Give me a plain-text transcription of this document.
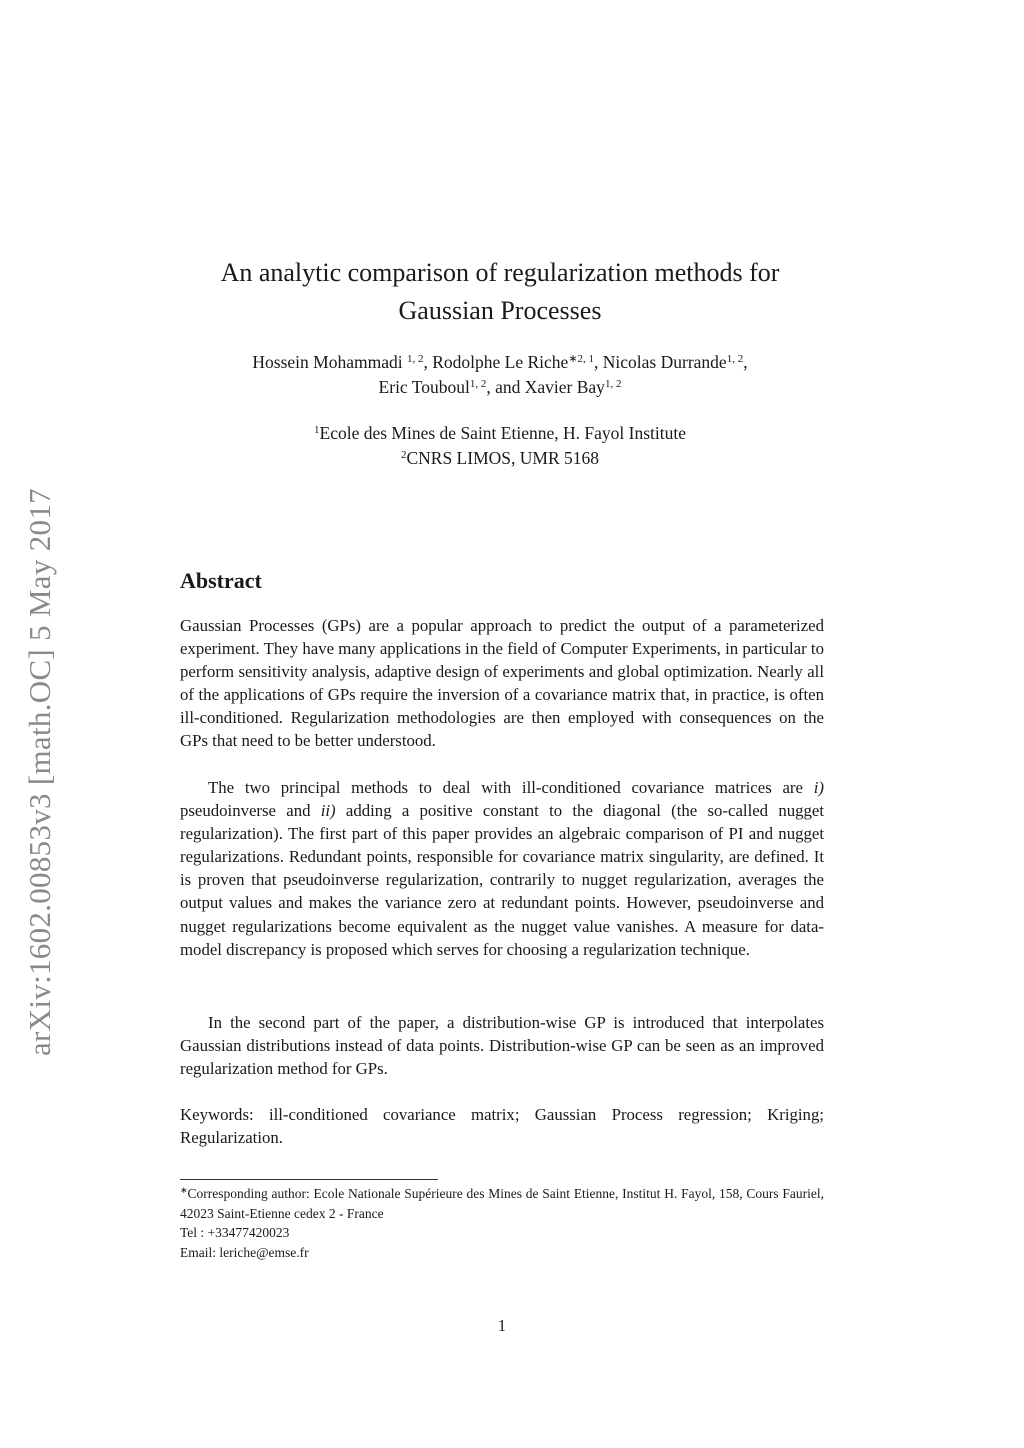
arXiv:1602.00853v3 [math.OC] 5 May 2017
An analytic comparison of regularization methods for
Gaussian Processes
Hossein Mohammadi $^{1, 2}$, Rodolphe Le Riche$^{∗2, 1}$, Nicolas Durrande$^{1, 2}$,
Eric Touboul$^{1, 2}$, and Xavier Bay$^{1, 2}$
$^1$Ecole des Mines de Saint Etienne, H. Fayol Institute
$^2$CNRS LIMOS, UMR 5168
Abstract
Gaussian Processes (GPs) are a popular approach to predict the output of a parameterized experiment. They have many applications in the field of Computer Experiments, in particular to perform sensitivity analysis, adaptive design of experiments and global optimization. Nearly all of the applications of GPs require the inversion of a covariance matrix that, in practice, is often ill-conditioned. Regularization methodologies are then employed with consequences on the GPs that need to be better understood.
The two principal methods to deal with ill-conditioned covariance matrices are i) pseudoinverse and ii) adding a positive constant to the diagonal (the so-called nugget regularization). The first part of this paper provides an algebraic comparison of PI and nugget regularizations. Redundant points, responsible for covariance matrix singularity, are defined. It is proven that pseudoinverse regularization, contrarily to nugget regularization, averages the output values and makes the variance zero at redundant points. However, pseudoinverse and nugget regularizations become equivalent as the nugget value vanishes. A measure for data-model discrepancy is proposed which serves for choosing a regularization technique.
In the second part of the paper, a distribution-wise GP is introduced that interpolates Gaussian distributions instead of data points. Distribution-wise GP can be seen as an improved regularization method for GPs.
Keywords: ill-conditioned covariance matrix; Gaussian Process regression; Kriging; Regularization.
∗Corresponding author: Ecole Nationale Supérieure des Mines de Saint Etienne, Institut H. Fayol, 158, Cours Fauriel, 42023 Saint-Etienne cedex 2 - France
Tel : +33477420023
Email: leriche@emse.fr
1
